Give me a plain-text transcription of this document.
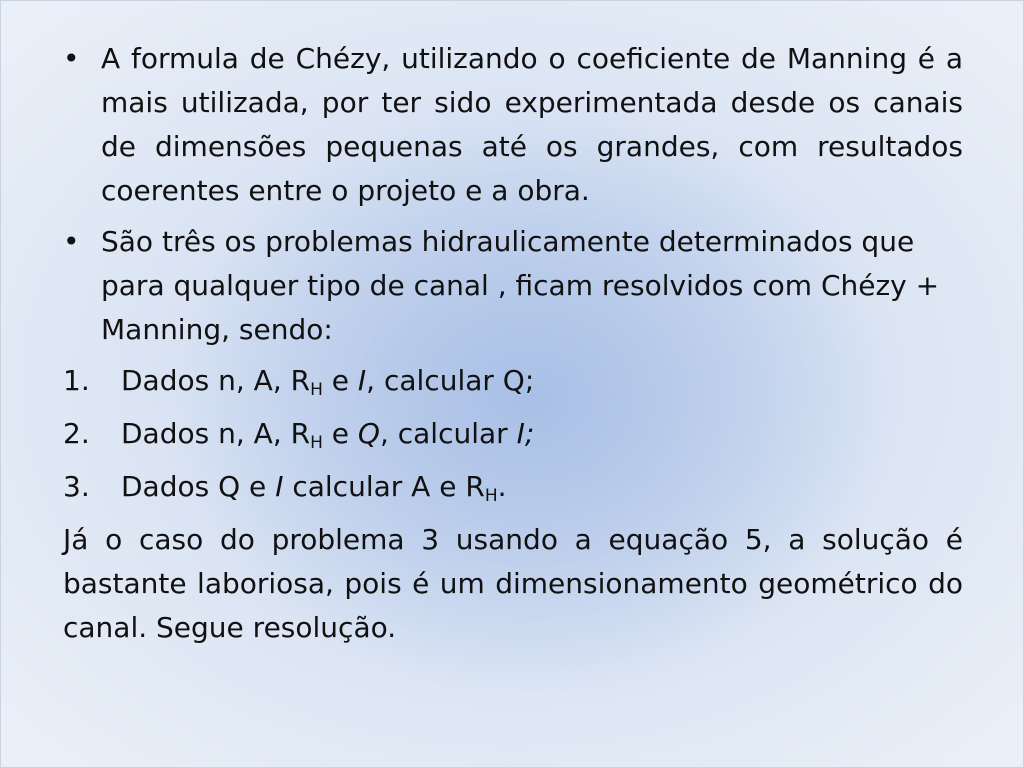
• A formula de Chézy, utilizando o coeficiente de Manning é a mais utilizada, por ter sido experimentada desde os canais de dimensões pequenas até os grandes, com resultados coerentes entre o projeto e a obra.
• São três os problemas hidraulicamente determinados que para qualquer tipo de canal , ficam resolvidos com Chézy + Manning, sendo:
1. Dados n, A, $R_H$ e I, calcular Q;
2. Dados n, A, $R_H$ e Q, calcular I;
3. Dados Q e I calcular A e $R_H$.
Já o caso do problema 3 usando a equação 5, a solução é bastante laboriosa, pois é um dimensionamento geométrico do canal. Segue resolução.
